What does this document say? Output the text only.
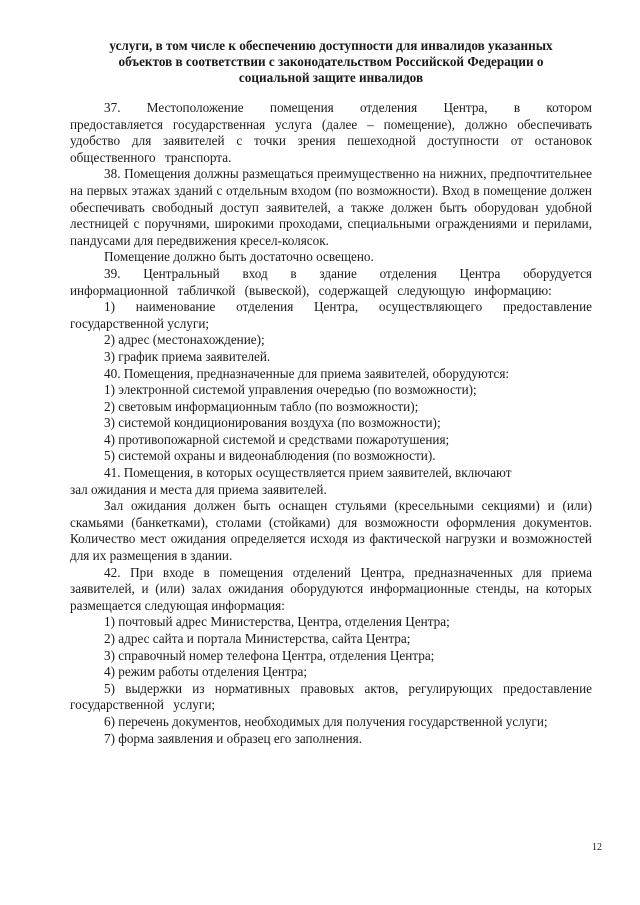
услуги, в том числе к обеспечению доступности для инвалидов указанных
объектов в соответствии с законодательством Российской Федерации о
социальной защите инвалидов

37. Местоположение помещения отделения Центра, в котором предоставляется государственная услуга (далее – помещение), должно обеспечивать удобство для заявителей с точки зрения пешеходной доступности от остановок общественного транспорта.

38. Помещения должны размещаться преимущественно на нижних, предпочтительнее на первых этажах зданий с отдельным входом (по возможности). Вход в помещение должен обеспечивать свободный доступ заявителей, а также должен быть оборудован удобной лестницей с поручнями, широкими проходами, специальными ограждениями и перилами, пандусами для передвижения кресел-колясок.

Помещение должно быть достаточно освещено.

39. Центральный вход в здание отделения Центра оборудуется информационной табличкой (вывеской), содержащей следующую информацию:

1) наименование отделения Центра, осуществляющего предоставление государственной услуги;

2) адрес (местонахождение);

3) график приема заявителей.

40. Помещения, предназначенные для приема заявителей, оборудуются:

1) электронной системой управления очередью (по возможности);

2) световым информационным табло (по возможности);

3) системой кондиционирования воздуха (по возможности);

4) противопожарной системой и средствами пожаротушения;

5) системой охраны и видеонаблюдения (по возможности).

41. Помещения, в которых осуществляется прием заявителей, включают

зал ожидания и места для приема заявителей.

Зал ожидания должен быть оснащен стульями (кресельными секциями) и (или) скамьями (банкетками), столами (стойками) для возможности оформления документов. Количество мест ожидания определяется исходя из фактической нагрузки и возможностей для их размещения в здании.

42. При входе в помещения отделений Центра, предназначенных для приема заявителей, и (или) залах ожидания оборудуются информационные стенды, на которых размещается следующая информация:

1) почтовый адрес Министерства, Центра, отделения Центра;

2) адрес сайта и портала Министерства, сайта Центра;

3) справочный номер телефона Центра, отделения Центра;

4) режим работы отделения Центра;

5) выдержки из нормативных правовых актов, регулирующих предоставление государственной услуги;

6) перечень документов, необходимых для получения государственной услуги;

7) форма заявления и образец его заполнения.

12
